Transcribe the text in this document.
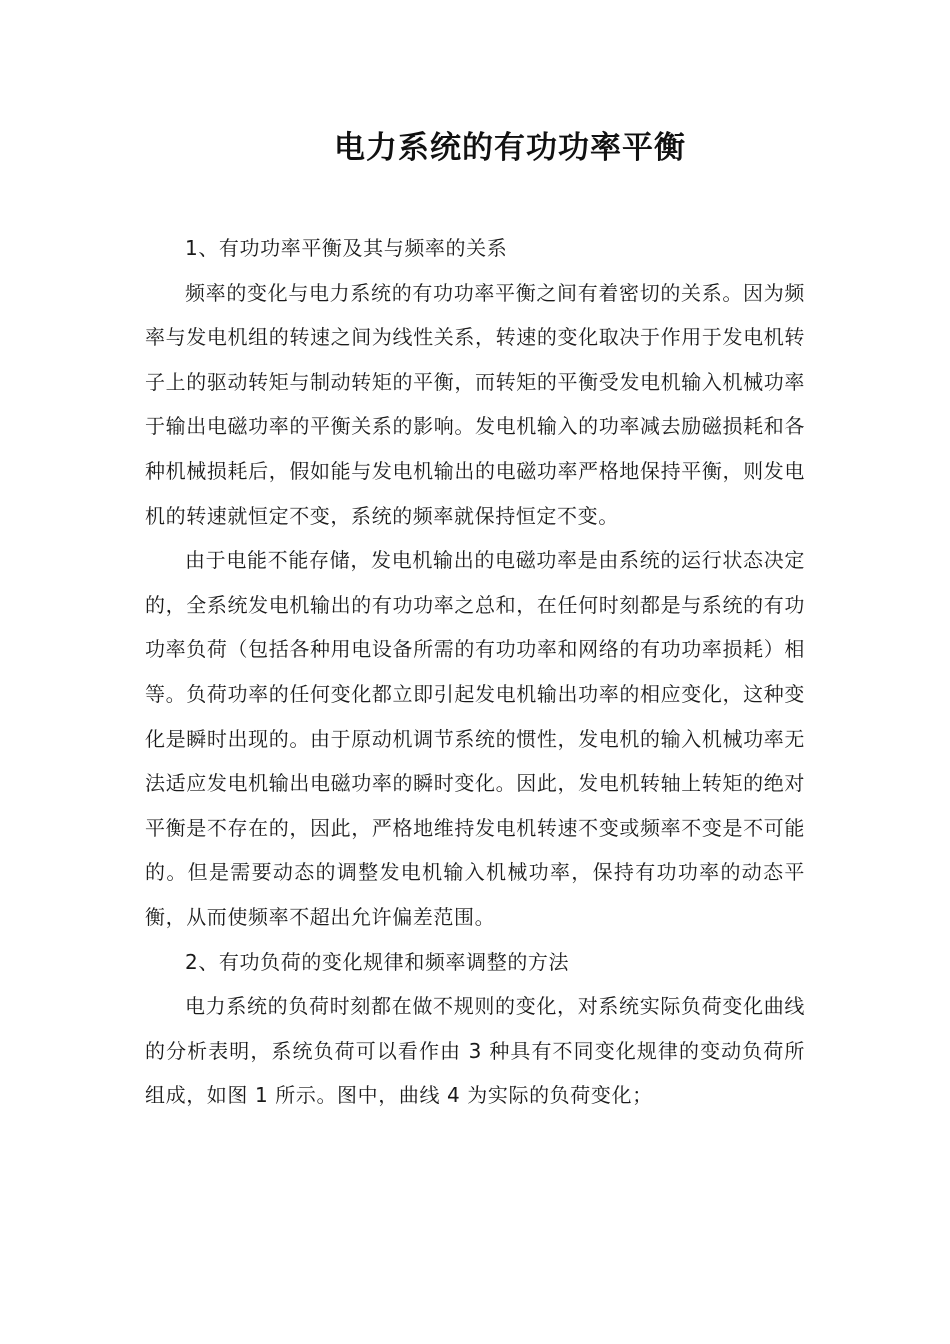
电力系统的有功功率平衡

1、有功功率平衡及其与频率的关系

频率的变化与电力系统的有功功率平衡之间有着密切的关系。因为频率与发电机组的转速之间为线性关系，转速的变化取决于作用于发电机转子上的驱动转矩与制动转矩的平衡，而转矩的平衡受发电机输入机械功率于输出电磁功率的平衡关系的影响。发电机输入的功率减去励磁损耗和各种机械损耗后，假如能与发电机输出的电磁功率严格地保持平衡，则发电机的转速就恒定不变，系统的频率就保持恒定不变。

由于电能不能存储，发电机输出的电磁功率是由系统的运行状态决定的，全系统发电机输出的有功功率之总和，在任何时刻都是与系统的有功功率负荷（包括各种用电设备所需的有功功率和网络的有功功率损耗）相等。负荷功率的任何变化都立即引起发电机输出功率的相应变化，这种变化是瞬时出现的。由于原动机调节系统的惯性，发电机的输入机械功率无法适应发电机输出电磁功率的瞬时变化。因此，发电机转轴上转矩的绝对平衡是不存在的，因此，严格地维持发电机转速不变或频率不变是不可能的。但是需要动态的调整发电机输入机械功率，保持有功功率的动态平衡，从而使频率不超出允许偏差范围。

2、有功负荷的变化规律和频率调整的方法

电力系统的负荷时刻都在做不规则的变化，对系统实际负荷变化曲线的分析表明，系统负荷可以看作由 3 种具有不同变化规律的变动负荷所组成，如图 1 所示。图中，曲线 4 为实际的负荷变化；
